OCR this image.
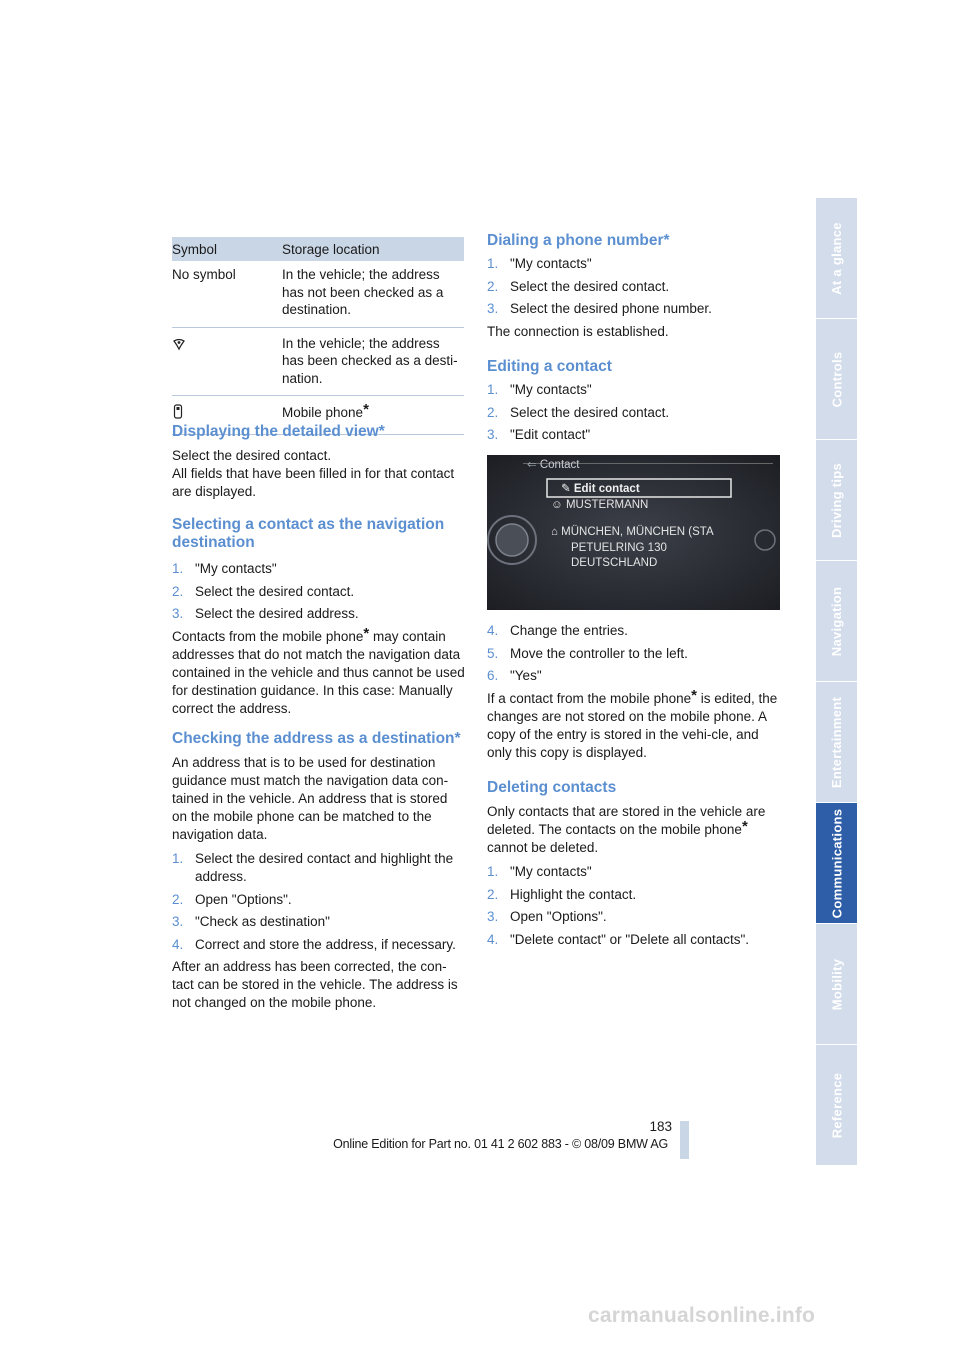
At a glance
Controls
Driving tips
Navigation
Entertainment
Communications
Mobility
Reference
Symbol	Storage location
No symbol	In the vehicle; the address has not been checked as a destination.
In the vehicle; the address has been checked as a desti-nation.
Mobile phone*
Displaying the detailed view*

Select the desired contact.

All fields that have been filled in for that contact are displayed.

Selecting a contact as the navigation destination
1. "My contacts"
2. Select the desired contact.
3. Select the desired address.

Contacts from the mobile phone* may contain addresses that do not match the navigation data contained in the vehicle and thus cannot be used for destination guidance. In this case: Manually correct the address.

Checking the address as a destination*

An address that is to be used for destination guidance must match the navigation data con-tained in the vehicle. An address that is stored on the mobile phone can be matched to the navigation data.

1. Select the desired contact and highlight the address.
2. Open "Options".
3. "Check as destination"
4. Correct and store the address, if necessary.

After an address has been corrected, the con-tact can be stored in the vehicle. The address is not changed on the mobile phone.

Dialing a phone number*
1. "My contacts"
2. Select the desired contact.
3. Select the desired phone number.

The connection is established.

Editing a contact
1. "My contacts"
2. Select the desired contact.
3. "Edit contact"
⇐ Contact
✎ Edit contact
☺ MUSTERMANN
⌂ MÜNCHEN, MÜNCHEN (STA
PETUELRING 130
DEUTSCHLAND
4. Change the entries.
5. Move the controller to the left.
6. "Yes"

If a contact from the mobile phone* is edited, the changes are not stored on the mobile phone. A copy of the entry is stored in the vehi-cle, and only this copy is displayed.

Deleting contacts

Only contacts that are stored in the vehicle are deleted. The contacts on the mobile phone*
cannot be deleted.

1. "My contacts"
2. Highlight the contact.
3. Open "Options".
4. "Delete contact" or "Delete all contacts".
183
Online Edition for Part no. 01 41 2 602 883 - © 08/09 BMW AG
carmanualsonline.info
